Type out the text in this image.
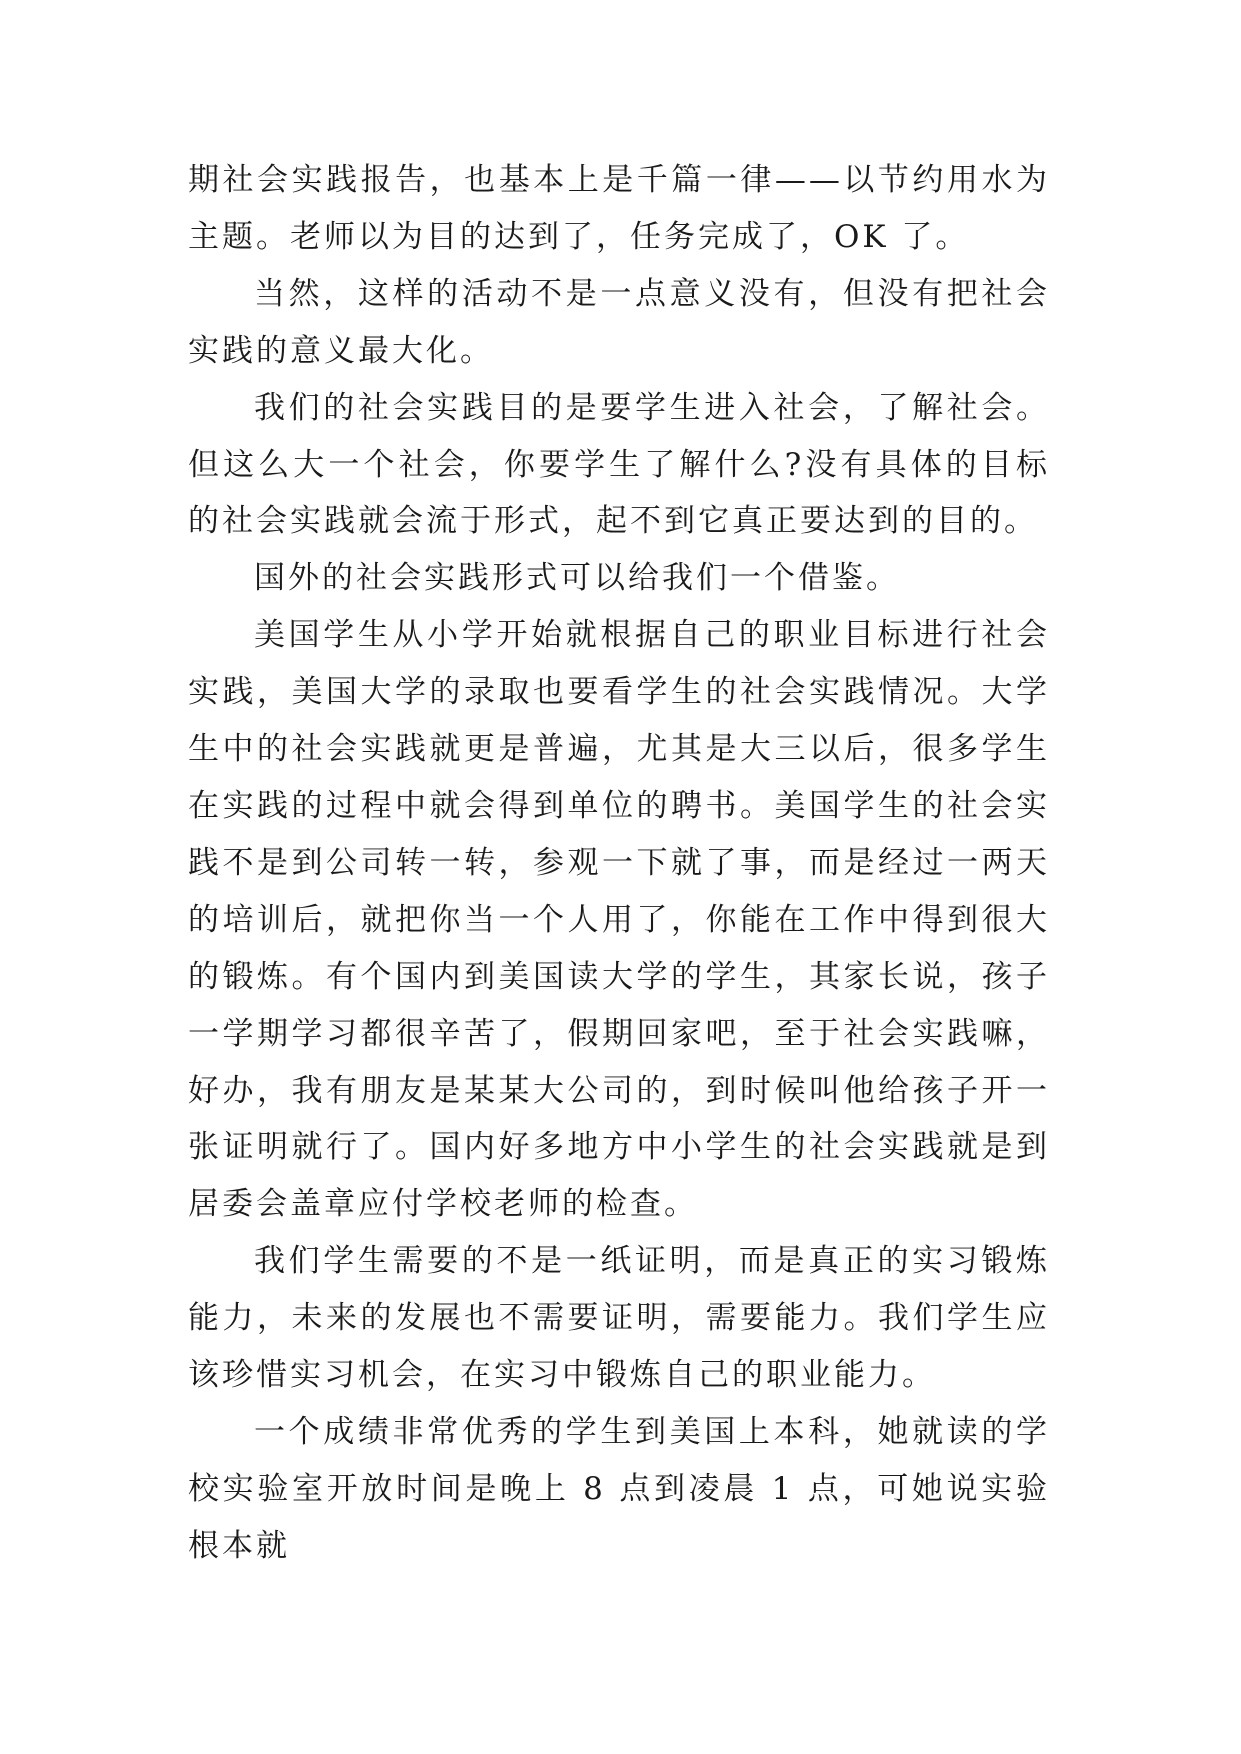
期社会实践报告，也基本上是千篇一律——以节约用水为主题。老师以为目的达到了，任务完成了，OK 了。

当然，这样的活动不是一点意义没有，但没有把社会实践的意义最大化。

我们的社会实践目的是要学生进入社会，了解社会。但这么大一个社会，你要学生了解什么?没有具体的目标的社会实践就会流于形式，起不到它真正要达到的目的。

国外的社会实践形式可以给我们一个借鉴。

美国学生从小学开始就根据自己的职业目标进行社会实践，美国大学的录取也要看学生的社会实践情况。大学生中的社会实践就更是普遍，尤其是大三以后，很多学生在实践的过程中就会得到单位的聘书。美国学生的社会实践不是到公司转一转，参观一下就了事，而是经过一两天的培训后，就把你当一个人用了，你能在工作中得到很大的锻炼。有个国内到美国读大学的学生，其家长说，孩子一学期学习都很辛苦了，假期回家吧，至于社会实践嘛，好办，我有朋友是某某大公司的，到时候叫他给孩子开一张证明就行了。国内好多地方中小学生的社会实践就是到居委会盖章应付学校老师的检查。

我们学生需要的不是一纸证明，而是真正的实习锻炼能力，未来的发展也不需要证明，需要能力。我们学生应该珍惜实习机会，在实习中锻炼自己的职业能力。

一个成绩非常优秀的学生到美国上本科，她就读的学校实验室开放时间是晚上 8 点到凌晨 1 点，可她说实验根本就
